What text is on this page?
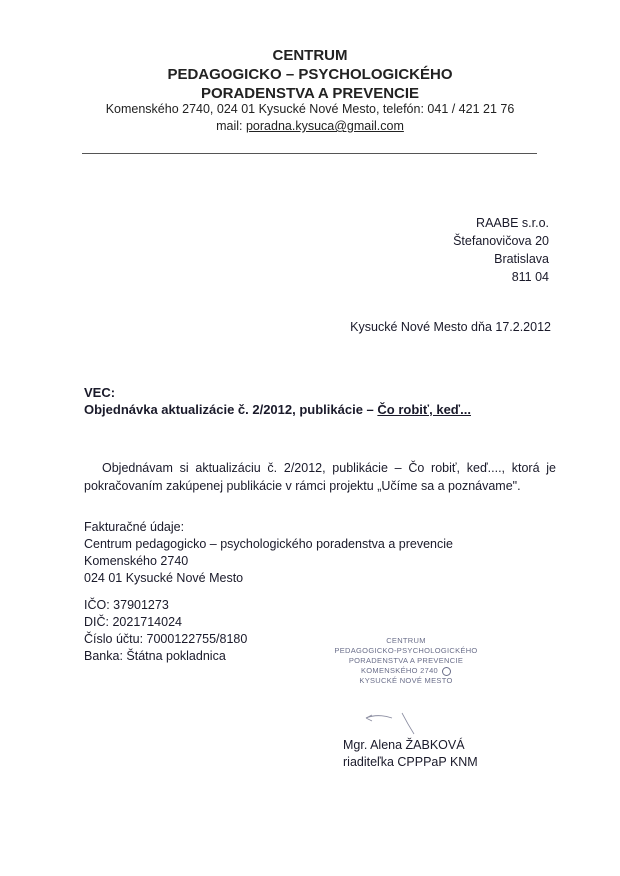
CENTRUM
PEDAGOGICKO – PSYCHOLOGICKÉHO
PORADENSTVA A PREVENCIE
Komenského 2740, 024 01 Kysucké Nové Mesto, telefón: 041 / 421 21 76
mail: poradna.kysuca@gmail.com
RAABE s.r.o.
Štefanovičova 20
Bratislava
811 04
Kysucké Nové Mesto dňa 17.2.2012
VEC:
Objednávka aktualizácie č. 2/2012, publikácie – Čo robiť, keď...
Objednávam si aktualizáciu č. 2/2012, publikácie – Čo robiť, keď...., ktorá je pokračovaním zakúpenej publikácie v rámci projektu „Učíme sa a poznávame".
Fakturačné údaje:
Centrum pedagogicko – psychologického poradenstva a prevencie
Komenského 2740
024 01 Kysucké Nové Mesto
IČO: 37901273
DIČ: 2021714024
Číslo účtu: 7000122755/8180
Banka: Štátna pokladnica
CENTRUM
PEDAGOGICKO-PSYCHOLOGICKÉHO
PORADENSTVA A PREVENCIE
KOMENSKÉHO 2740
KYSUCKÉ NOVÉ MESTO
Mgr. Alena ŽABKOVÁ
riaditeľka CPPPaP KNM
